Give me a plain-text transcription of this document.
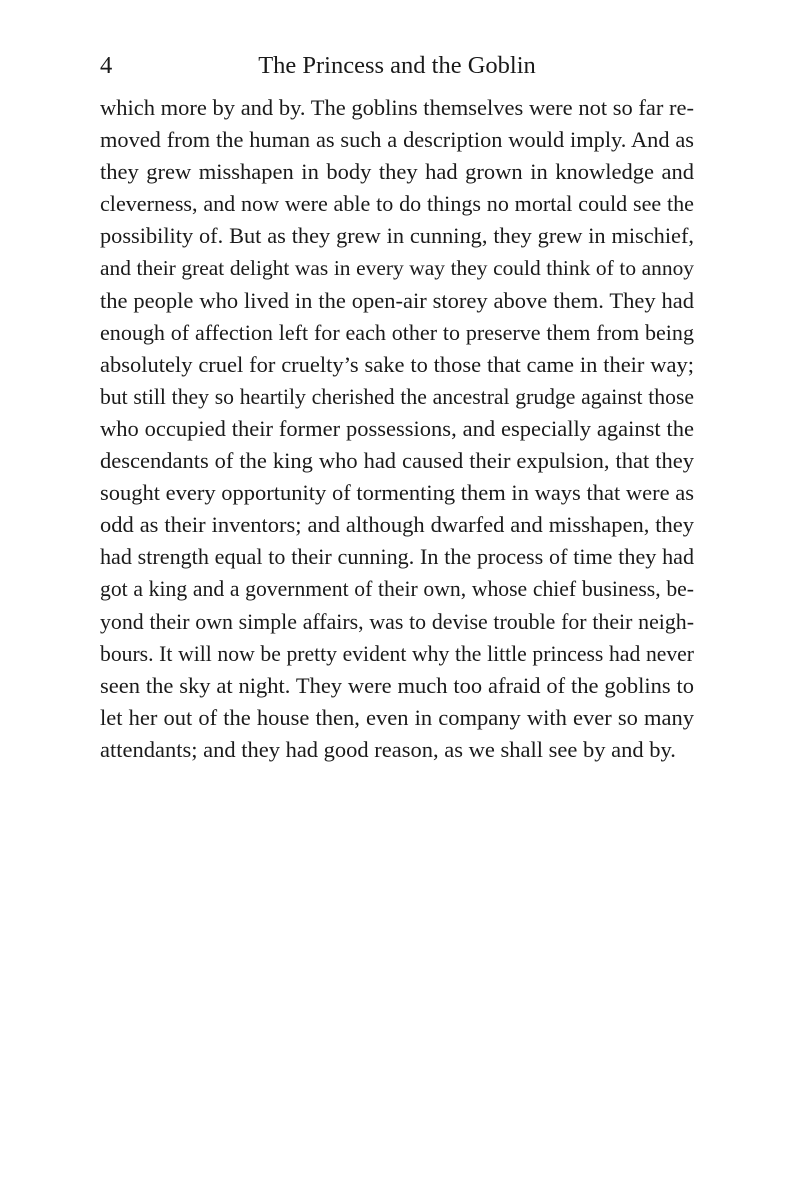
4	The Princess and the Goblin
which more by and by. The goblins themselves were not so far re-
moved from the human as such a description would imply. And as
they grew misshapen in body they had grown in knowledge and
cleverness, and now were able to do things no mortal could see the
possibility of. But as they grew in cunning, they grew in mischief,
and their great delight was in every way they could think of to annoy
the people who lived in the open-air storey above them. They had
enough of affection left for each other to preserve them from being
absolutely cruel for cruelty’s sake to those that came in their way;
but still they so heartily cherished the ancestral grudge against those
who occupied their former possessions, and especially against the
descendants of the king who had caused their expulsion, that they
sought every opportunity of tormenting them in ways that were as
odd as their inventors; and although dwarfed and misshapen, they
had strength equal to their cunning. In the process of time they had
got a king and a government of their own, whose chief business, be-
yond their own simple affairs, was to devise trouble for their neigh-
bours. It will now be pretty evident why the little princess had never
seen the sky at night. They were much too afraid of the goblins to
let her out of the house then, even in company with ever so many
attendants; and they had good reason, as we shall see by and by.
